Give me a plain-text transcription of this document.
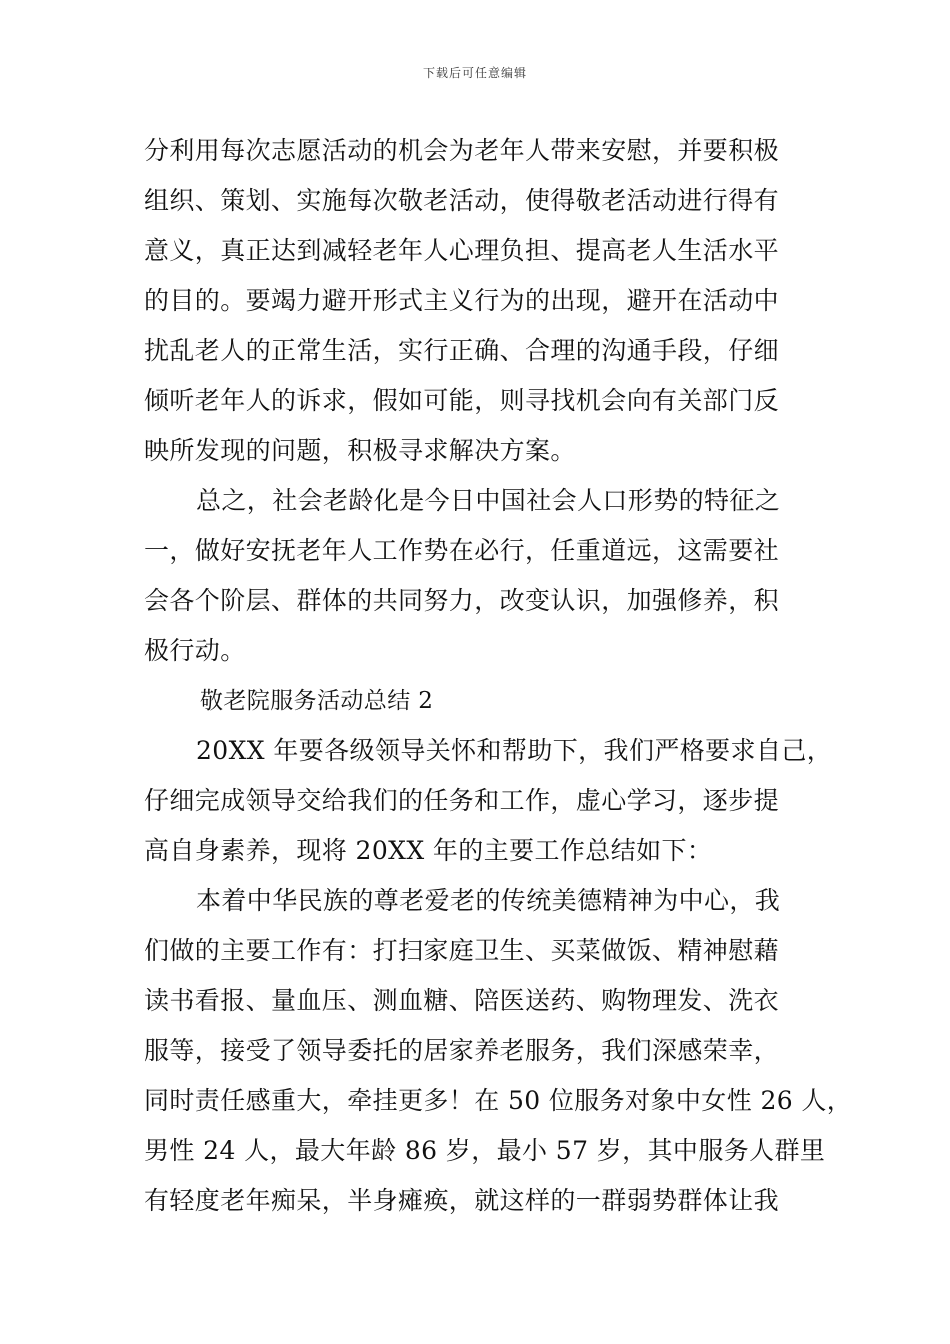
下载后可任意编辑
分利用每次志愿活动的机会为老年人带来安慰，并要积极
组织、策划、实施每次敬老活动，使得敬老活动进行得有
意义，真正达到减轻老年人心理负担、提高老人生活水平
的目的。要竭力避开形式主义行为的出现，避开在活动中
扰乱老人的正常生活，实行正确、合理的沟通手段，仔细
倾听老年人的诉求，假如可能，则寻找机会向有关部门反
映所发现的问题，积极寻求解决方案。
总之，社会老龄化是今日中国社会人口形势的特征之
一，做好安抚老年人工作势在必行，任重道远，这需要社
会各个阶层、群体的共同努力，改变认识，加强修养，积
极行动。
敬老院服务活动总结 2
20XX 年要各级领导关怀和帮助下，我们严格要求自己，
仔细完成领导交给我们的任务和工作，虚心学习，逐步提
高自身素养，现将 20XX 年的主要工作总结如下：
本着中华民族的尊老爱老的传统美德精神为中心，我
们做的主要工作有：打扫家庭卫生、买菜做饭、精神慰藉
读书看报、量血压、测血糖、陪医送药、购物理发、洗衣
服等，接受了领导委托的居家养老服务，我们深感荣幸，
同时责任感重大，牵挂更多！在 50 位服务对象中女性 26 人，
男性 24 人，最大年龄 86 岁，最小 57 岁，其中服务人群里
有轻度老年痴呆，半身瘫痪，就这样的一群弱势群体让我
